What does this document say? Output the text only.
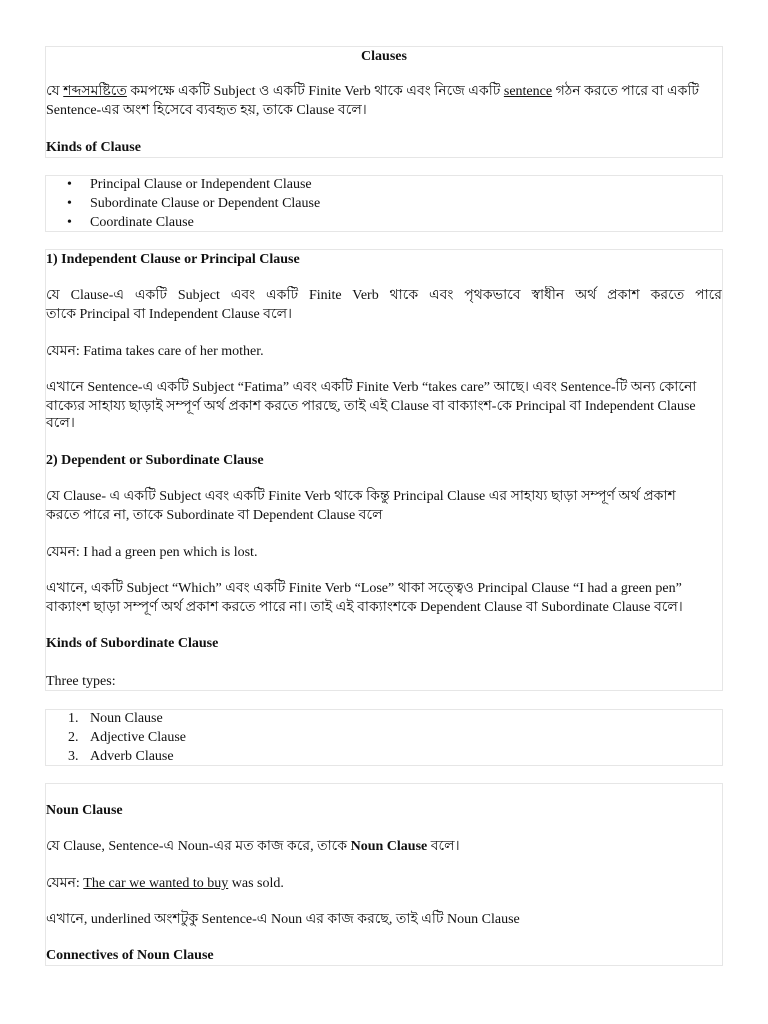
Clauses
যে শব্দসমষ্টিতে কমপক্ষে একটি Subject ও একটি Finite Verb থাকে এবং নিজে একটি sentence গঠন করতে পারে বা একটি
Sentence-এর অংশ হিসেবে ব্যবহৃত হয়, তাকে Clause বলে।
Kinds of Clause
• Principal Clause or Independent Clause
• Subordinate Clause or Dependent Clause
• Coordinate Clause
1) Independent Clause or Principal Clause
যে Clause-এ একটি Subject এবং একটি Finite Verb থাকে এবং পৃথকভাবে স্বাধীন অর্থ প্রকাশ করতে পারে
তাকে Principal বা Independent Clause বলে।
যেমন: Fatima takes care of her mother.
এখানে Sentence-এ একটি Subject “Fatima” এবং একটি Finite Verb “takes care” আছে। এবং Sentence-টি অন্য কোনো
বাক্যের সাহায্য ছাড়াই সম্পূর্ণ অর্থ প্রকাশ করতে পারছে, তাই এই Clause বা বাক্যাংশ-কে Principal বা Independent Clause
বলে।
2) Dependent or Subordinate Clause
যে Clause- এ একটি Subject এবং একটি Finite Verb থাকে কিন্তু Principal Clause এর সাহায্য ছাড়া সম্পূর্ণ অর্থ প্রকাশ
করতে পারে না, তাকে Subordinate বা Dependent Clause বলে
যেমন: I had a green pen which is lost.
এখানে, একটি Subject “Which” এবং একটি Finite Verb “Lose” থাকা সত্ত্বেও Principal Clause “I had a green pen”
বাক্যাংশ ছাড়া সম্পূর্ণ অর্থ প্রকাশ করতে পারে না। তাই এই বাক্যাংশকে Dependent Clause বা Subordinate Clause বলে।
Kinds of Subordinate Clause
Three types:
1. Noun Clause
2. Adjective Clause
3. Adverb Clause
Noun Clause
যে Clause, Sentence-এ Noun-এর মত কাজ করে, তাকে Noun Clause বলে।
যেমন: The car we wanted to buy was sold.
এখানে, underlined অংশটুকু Sentence-এ Noun এর কাজ করছে, তাই এটি Noun Clause
Connectives of Noun Clause
